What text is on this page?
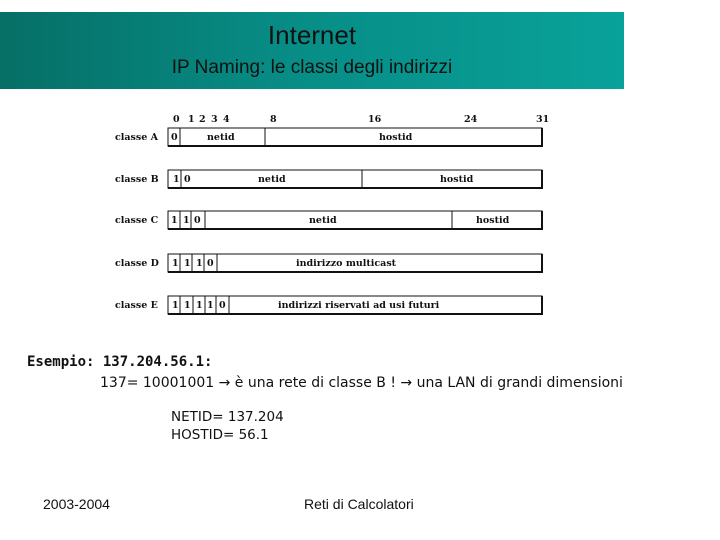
Internet
IP Naming: le classi degli indirizzi
0 1 2 3 4	8	16	24	31
classe A 0	netid	hostid
classe B 1 0	netid	hostid
classe C 1 1 0	netid	hostid
classe D 1 1 1 0	indirizzo multicast
classe E 1 1 1 1 0	indirizzi riservati ad usi futuri
Esempio: 137.204.56.1:
137= 10001001 → è una rete di classe B ! → una LAN di grandi dimensioni
NETID= 137.204
HOSTID= 56.1
2003-2004	Reti di Calcolatori
